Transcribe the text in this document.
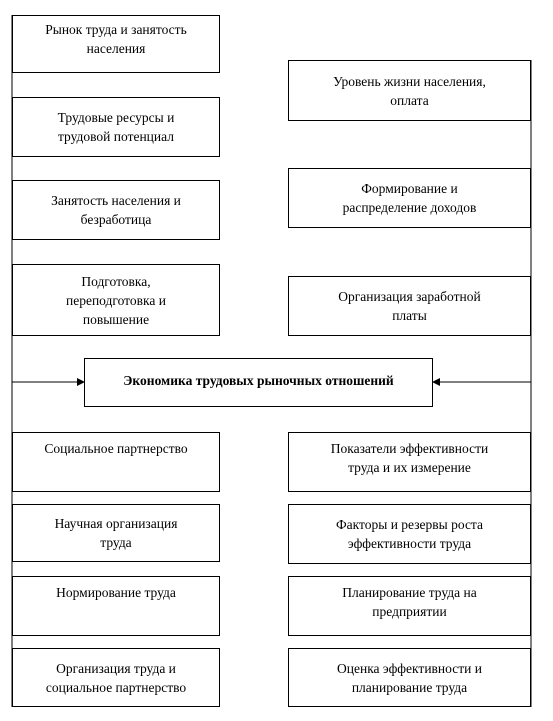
Рынок труда и занятость
населения
Трудовые ресурсы и
трудовой потенциал
Занятость населения и
безработица
Подготовка,
переподготовка и
повышение
Социальное партнерство
Научная организация
труда
Нормирование труда
Организация труда и
социальное партнерство
Уровень жизни населения,
оплата
Формирование и
распределение доходов
Организация заработной
платы
Показатели эффективности
труда и их измерение
Факторы и резервы роста
эффективности труда
Планирование труда на
предприятии
Оценка эффективности и
планирование труда
Экономика трудовых рыночных отношений
